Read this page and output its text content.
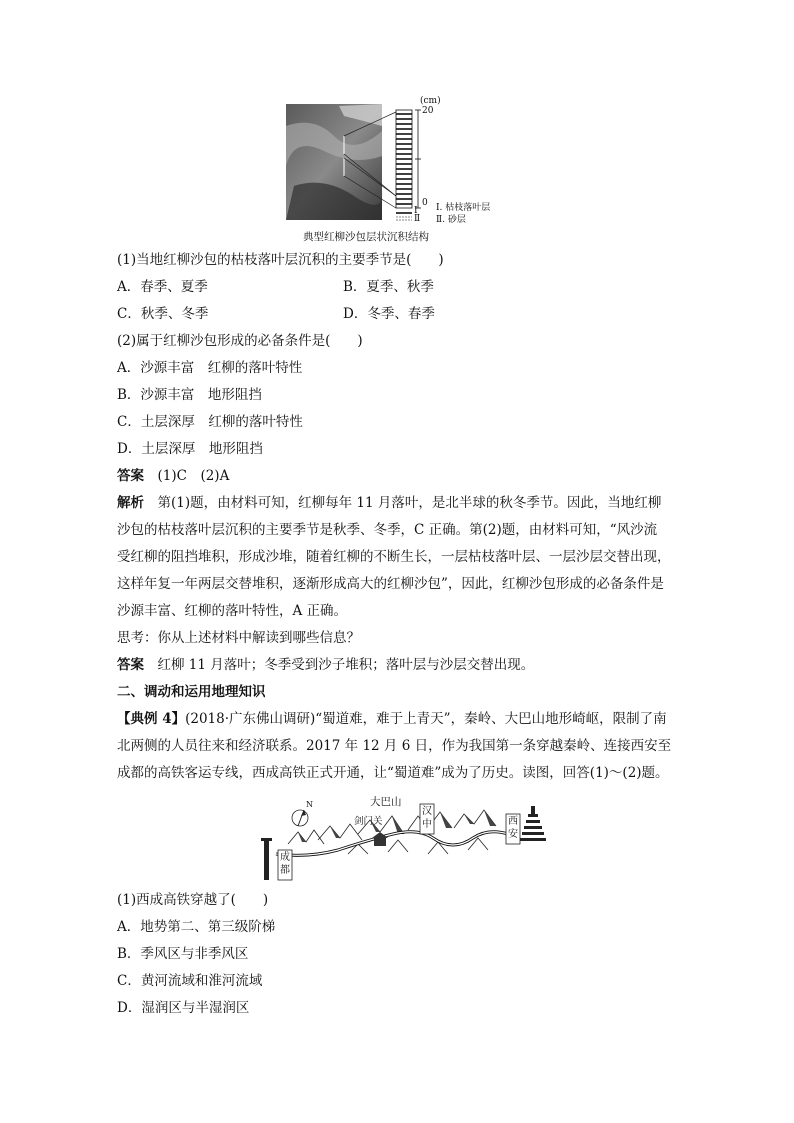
(cm)
20
0
Ⅰ
Ⅱ
Ⅰ. 枯枝落叶层
Ⅱ. 砂层
典型红柳沙包层状沉积结构
(1)当地红柳沙包的枯枝落叶层沉积的主要季节是(　　)
A．春季、夏季	B．夏季、秋季
C．秋季、冬季	D．冬季、春季
(2)属于红柳沙包形成的必备条件是(　　)
A．沙源丰富　红柳的落叶特性
B．沙源丰富　地形阻挡
C．土层深厚　红柳的落叶特性
D．土层深厚　地形阻挡
答案　(1)C　(2)A
解析　第(1)题，由材料可知，红柳每年 11 月落叶，是北半球的秋冬季节。因此，当地红柳
沙包的枯枝落叶层沉积的主要季节是秋季、冬季，C 正确。第(2)题，由材料可知，“风沙流
受红柳的阻挡堆积，形成沙堆，随着红柳的不断生长，一层枯枝落叶层、一层沙层交替出现，
这样年复一年两层交替堆积，逐渐形成高大的红柳沙包”，因此，红柳沙包形成的必备条件是
沙源丰富、红柳的落叶特性，A 正确。
思考：你从上述材料中解读到哪些信息？
答案　红柳 11 月落叶；冬季受到沙子堆积；落叶层与沙层交替出现。
二、调动和运用地理知识
【典例 4】(2018·广东佛山调研)“蜀道难，难于上青天”，秦岭、大巴山地形崎岖，限制了南
北两侧的人员往来和经济联系。2017 年 12 月 6 日，作为我国第一条穿越秦岭、连接西安至
成都的高铁客运专线，西成高铁正式开通，让“蜀道难”成为了历史。读图，回答(1)～(2)题。
大巴山
剑门关
汉中	西安
成都
N
(1)西成高铁穿越了(　　)
A．地势第二、第三级阶梯
B．季风区与非季风区
C．黄河流域和淮河流域
D．湿润区与半湿润区
